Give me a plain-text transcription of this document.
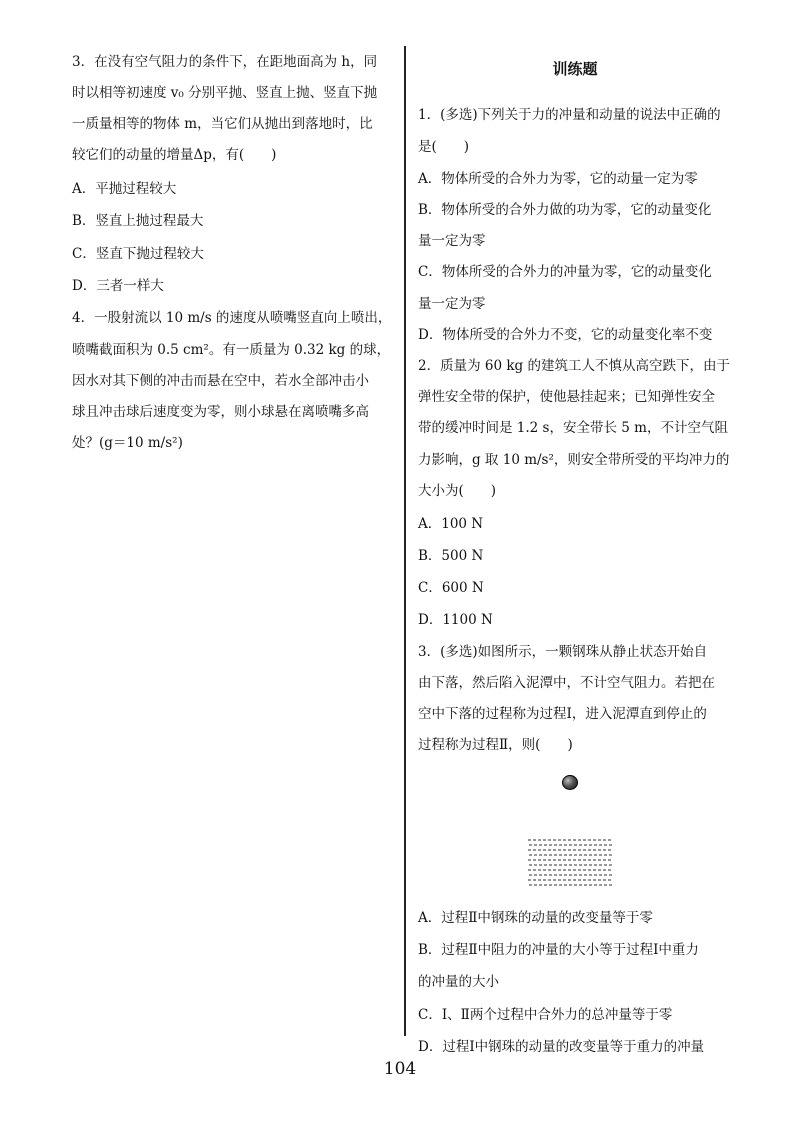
3．在没有空气阻力的条件下，在距地面高为 h，同
时以相等初速度 v₀ 分别平抛、竖直上抛、竖直下抛
一质量相等的物体 m，当它们从抛出到落地时，比
较它们的动量的增量Δp，有(　　)
A．平抛过程较大
B．竖直上抛过程最大
C．竖直下抛过程较大
D．三者一样大
4．一股射流以 10 m/s 的速度从喷嘴竖直向上喷出，
喷嘴截面积为 0.5 cm²。有一质量为 0.32 kg 的球，
因水对其下侧的冲击而悬在空中，若水全部冲击小
球且冲击球后速度变为零，则小球悬在离喷嘴多高
处？(g＝10 m/s²)
训练题
1．(多选)下列关于力的冲量和动量的说法中正确的
是(　　)
A．物体所受的合外力为零，它的动量一定为零
B．物体所受的合外力做的功为零，它的动量变化
量一定为零
C．物体所受的合外力的冲量为零，它的动量变化
量一定为零
D．物体所受的合外力不变，它的动量变化率不变
2．质量为 60 kg 的建筑工人不慎从高空跌下，由于
弹性安全带的保护，使他悬挂起来；已知弹性安全
带的缓冲时间是 1.2 s，安全带长 5 m，不计空气阻
力影响，g 取 10 m/s²，则安全带所受的平均冲力的
大小为(　　)
A．100 N
B．500 N
C．600 N
D．1100 N
3．(多选)如图所示，一颗钢珠从静止状态开始自
由下落，然后陷入泥潭中，不计空气阻力。若把在
空中下落的过程称为过程Ⅰ，进入泥潭直到停止的
过程称为过程Ⅱ，则(　　)
A．过程Ⅱ中钢珠的动量的改变量等于零
B．过程Ⅱ中阻力的冲量的大小等于过程Ⅰ中重力
的冲量的大小
C．Ⅰ、Ⅱ两个过程中合外力的总冲量等于零
D．过程Ⅰ中钢珠的动量的改变量等于重力的冲量
104
